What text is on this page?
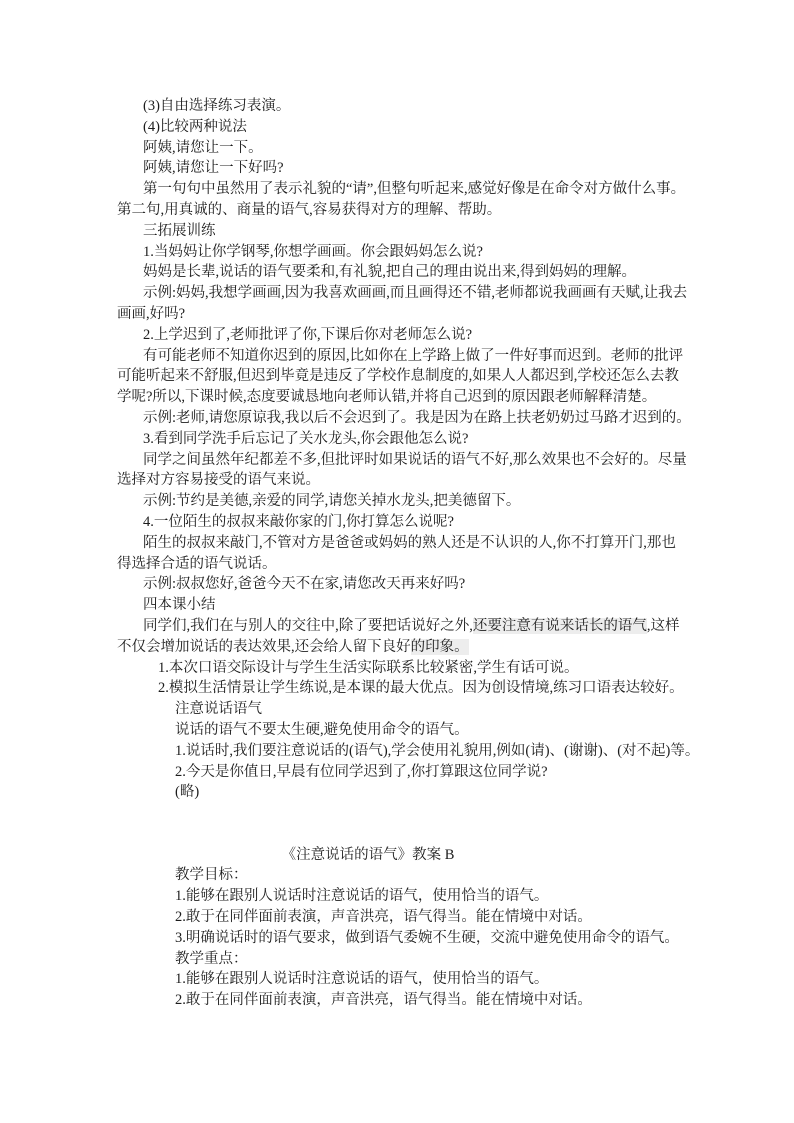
(3)自由选择练习表演。
(4)比较两种说法
阿姨,请您让一下。
阿姨,请您让一下好吗?
第一句句中虽然用了表示礼貌的“请”,但整句听起来,感觉好像是在命令对方做什么事。
第二句,用真诚的、商量的语气,容易获得对方的理解、帮助。
三拓展训练
1.当妈妈让你学钢琴,你想学画画。你会跟妈妈怎么说?
妈妈是长辈,说话的语气要柔和,有礼貌,把自己的理由说出来,得到妈妈的理解。
示例:妈妈,我想学画画,因为我喜欢画画,而且画得还不错,老师都说我画画有天赋,让我去
画画,好吗?
2.上学迟到了,老师批评了你,下课后你对老师怎么说?
有可能老师不知道你迟到的原因,比如你在上学路上做了一件好事而迟到。老师的批评
可能听起来不舒服,但迟到毕竟是违反了学校作息制度的,如果人人都迟到,学校还怎么去教
学呢?所以,下课时候,态度要诚恳地向老师认错,并将自己迟到的原因跟老师解释清楚。
示例:老师,请您原谅我,我以后不会迟到了。我是因为在路上扶老奶奶过马路才迟到的。
3.看到同学洗手后忘记了关水龙头,你会跟他怎么说?
同学之间虽然年纪都差不多,但批评时如果说话的语气不好,那么效果也不会好的。尽量
选择对方容易接受的语气来说。
示例:节约是美德,亲爱的同学,请您关掉水龙头,把美德留下。
4.一位陌生的叔叔来敲你家的门,你打算怎么说呢?
陌生的叔叔来敲门,不管对方是爸爸或妈妈的熟人还是不认识的人,你不打算开门,那也
得选择合适的语气说话。
示例:叔叔您好,爸爸今天不在家,请您改天再来好吗?
四本课小结
同学们,我们在与别人的交往中,除了要把话说好之外,还要注意有说来话长的语气,这样
不仅会增加说话的表达效果,还会给人留下良好的印象。
1.本次口语交际设计与学生生活实际联系比较紧密,学生有话可说。
2.模拟生活情景让学生练说,是本课的最大优点。因为创设情境,练习口语表达较好。
注意说话语气
说话的语气不要太生硬,避免使用命令的语气。
1.说话时,我们要注意说话的(语气),学会使用礼貌用,例如(请)、(谢谢)、(对不起)等。
2.今天是你值日,早晨有位同学迟到了,你打算跟这位同学说?
(略)
《注意说话的语气》教案 B
教学目标：
1.能够在跟别人说话时注意说话的语气，使用恰当的语气。
2.敢于在同伴面前表演，声音洪亮，语气得当。能在情境中对话。
3.明确说话时的语气要求，做到语气委婉不生硬，交流中避免使用命令的语气。
教学重点：
1.能够在跟别人说话时注意说话的语气，使用恰当的语气。
2.敢于在同伴面前表演，声音洪亮，语气得当。能在情境中对话。
